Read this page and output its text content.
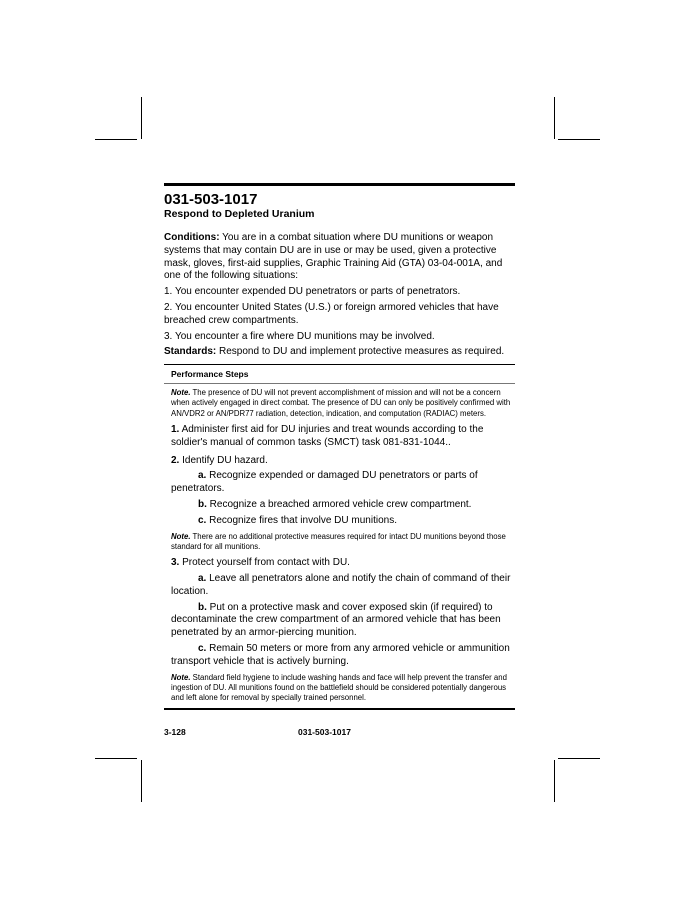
031-503-1017
Respond to Depleted Uranium

Conditions: You are in a combat situation where DU munitions or weapon systems that may contain DU are in use or may be used, given a protective mask, gloves, first-aid supplies, Graphic Training Aid (GTA) 03-04-001A, and one of the following situations:

1. You encounter expended DU penetrators or parts of penetrators.

2. You encounter United States (U.S.) or foreign armored vehicles that have breached crew compartments.

3. You encounter a fire where DU munitions may be involved.

Standards: Respond to DU and implement protective measures as required.

Performance Steps

Note. The presence of DU will not prevent accomplishment of mission and will not be a concern when actively engaged in direct combat. The presence of DU can only be positively confirmed with AN/VDR2 or AN/PDR77 radiation, detection, indication, and computation (RADIAC) meters.

1. Administer first aid for DU injuries and treat wounds according to the soldier's manual of common tasks (SMCT) task 081-831-1044..

2. Identify DU hazard.

a. Recognize expended or damaged DU penetrators or parts of penetrators.

b. Recognize a breached armored vehicle crew compartment.

c. Recognize fires that involve DU munitions.

Note. There are no additional protective measures required for intact DU munitions beyond those standard for all munitions.

3. Protect yourself from contact with DU.

a. Leave all penetrators alone and notify the chain of command of their location.

b. Put on a protective mask and cover exposed skin (if required) to decontaminate the crew compartment of an armored vehicle that has been penetrated by an armor-piercing munition.

c. Remain 50 meters or more from any armored vehicle or ammunition transport vehicle that is actively burning.

Note. Standard field hygiene to include washing hands and face will help prevent the transfer and ingestion of DU. All munitions found on the battlefield should be considered potentially dangerous and left alone for removal by specially trained personnel.

3-128	031-503-1017
